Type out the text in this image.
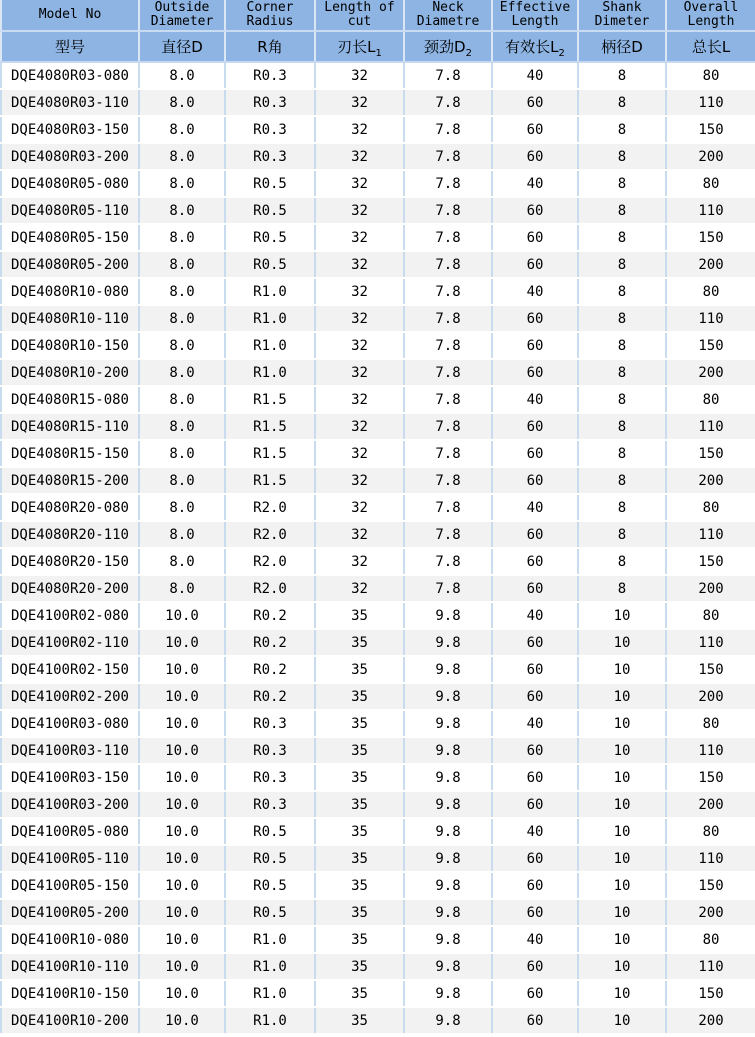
Model No	Outside Diameter	Corner Radius	Length of cut	Neck Diametre	Effective Length	Shank Dimeter	Overall Length
型号	直径D	R角	刃长$L_1$	颈劲$D_2$	有效长$L_2$	柄径D	总长L
DQE4080R03-080	8.0	R0.3	32	7.8	40	8	80
DQE4080R03-110	8.0	R0.3	32	7.8	60	8	110
DQE4080R03-150	8.0	R0.3	32	7.8	60	8	150
DQE4080R03-200	8.0	R0.3	32	7.8	60	8	200
DQE4080R05-080	8.0	R0.5	32	7.8	40	8	80
DQE4080R05-110	8.0	R0.5	32	7.8	60	8	110
DQE4080R05-150	8.0	R0.5	32	7.8	60	8	150
DQE4080R05-200	8.0	R0.5	32	7.8	60	8	200
DQE4080R10-080	8.0	R1.0	32	7.8	40	8	80
DQE4080R10-110	8.0	R1.0	32	7.8	60	8	110
DQE4080R10-150	8.0	R1.0	32	7.8	60	8	150
DQE4080R10-200	8.0	R1.0	32	7.8	60	8	200
DQE4080R15-080	8.0	R1.5	32	7.8	40	8	80
DQE4080R15-110	8.0	R1.5	32	7.8	60	8	110
DQE4080R15-150	8.0	R1.5	32	7.8	60	8	150
DQE4080R15-200	8.0	R1.5	32	7.8	60	8	200
DQE4080R20-080	8.0	R2.0	32	7.8	40	8	80
DQE4080R20-110	8.0	R2.0	32	7.8	60	8	110
DQE4080R20-150	8.0	R2.0	32	7.8	60	8	150
DQE4080R20-200	8.0	R2.0	32	7.8	60	8	200
DQE4100R02-080	10.0	R0.2	35	9.8	40	10	80
DQE4100R02-110	10.0	R0.2	35	9.8	60	10	110
DQE4100R02-150	10.0	R0.2	35	9.8	60	10	150
DQE4100R02-200	10.0	R0.2	35	9.8	60	10	200
DQE4100R03-080	10.0	R0.3	35	9.8	40	10	80
DQE4100R03-110	10.0	R0.3	35	9.8	60	10	110
DQE4100R03-150	10.0	R0.3	35	9.8	60	10	150
DQE4100R03-200	10.0	R0.3	35	9.8	60	10	200
DQE4100R05-080	10.0	R0.5	35	9.8	40	10	80
DQE4100R05-110	10.0	R0.5	35	9.8	60	10	110
DQE4100R05-150	10.0	R0.5	35	9.8	60	10	150
DQE4100R05-200	10.0	R0.5	35	9.8	60	10	200
DQE4100R10-080	10.0	R1.0	35	9.8	40	10	80
DQE4100R10-110	10.0	R1.0	35	9.8	60	10	110
DQE4100R10-150	10.0	R1.0	35	9.8	60	10	150
DQE4100R10-200	10.0	R1.0	35	9.8	60	10	200
